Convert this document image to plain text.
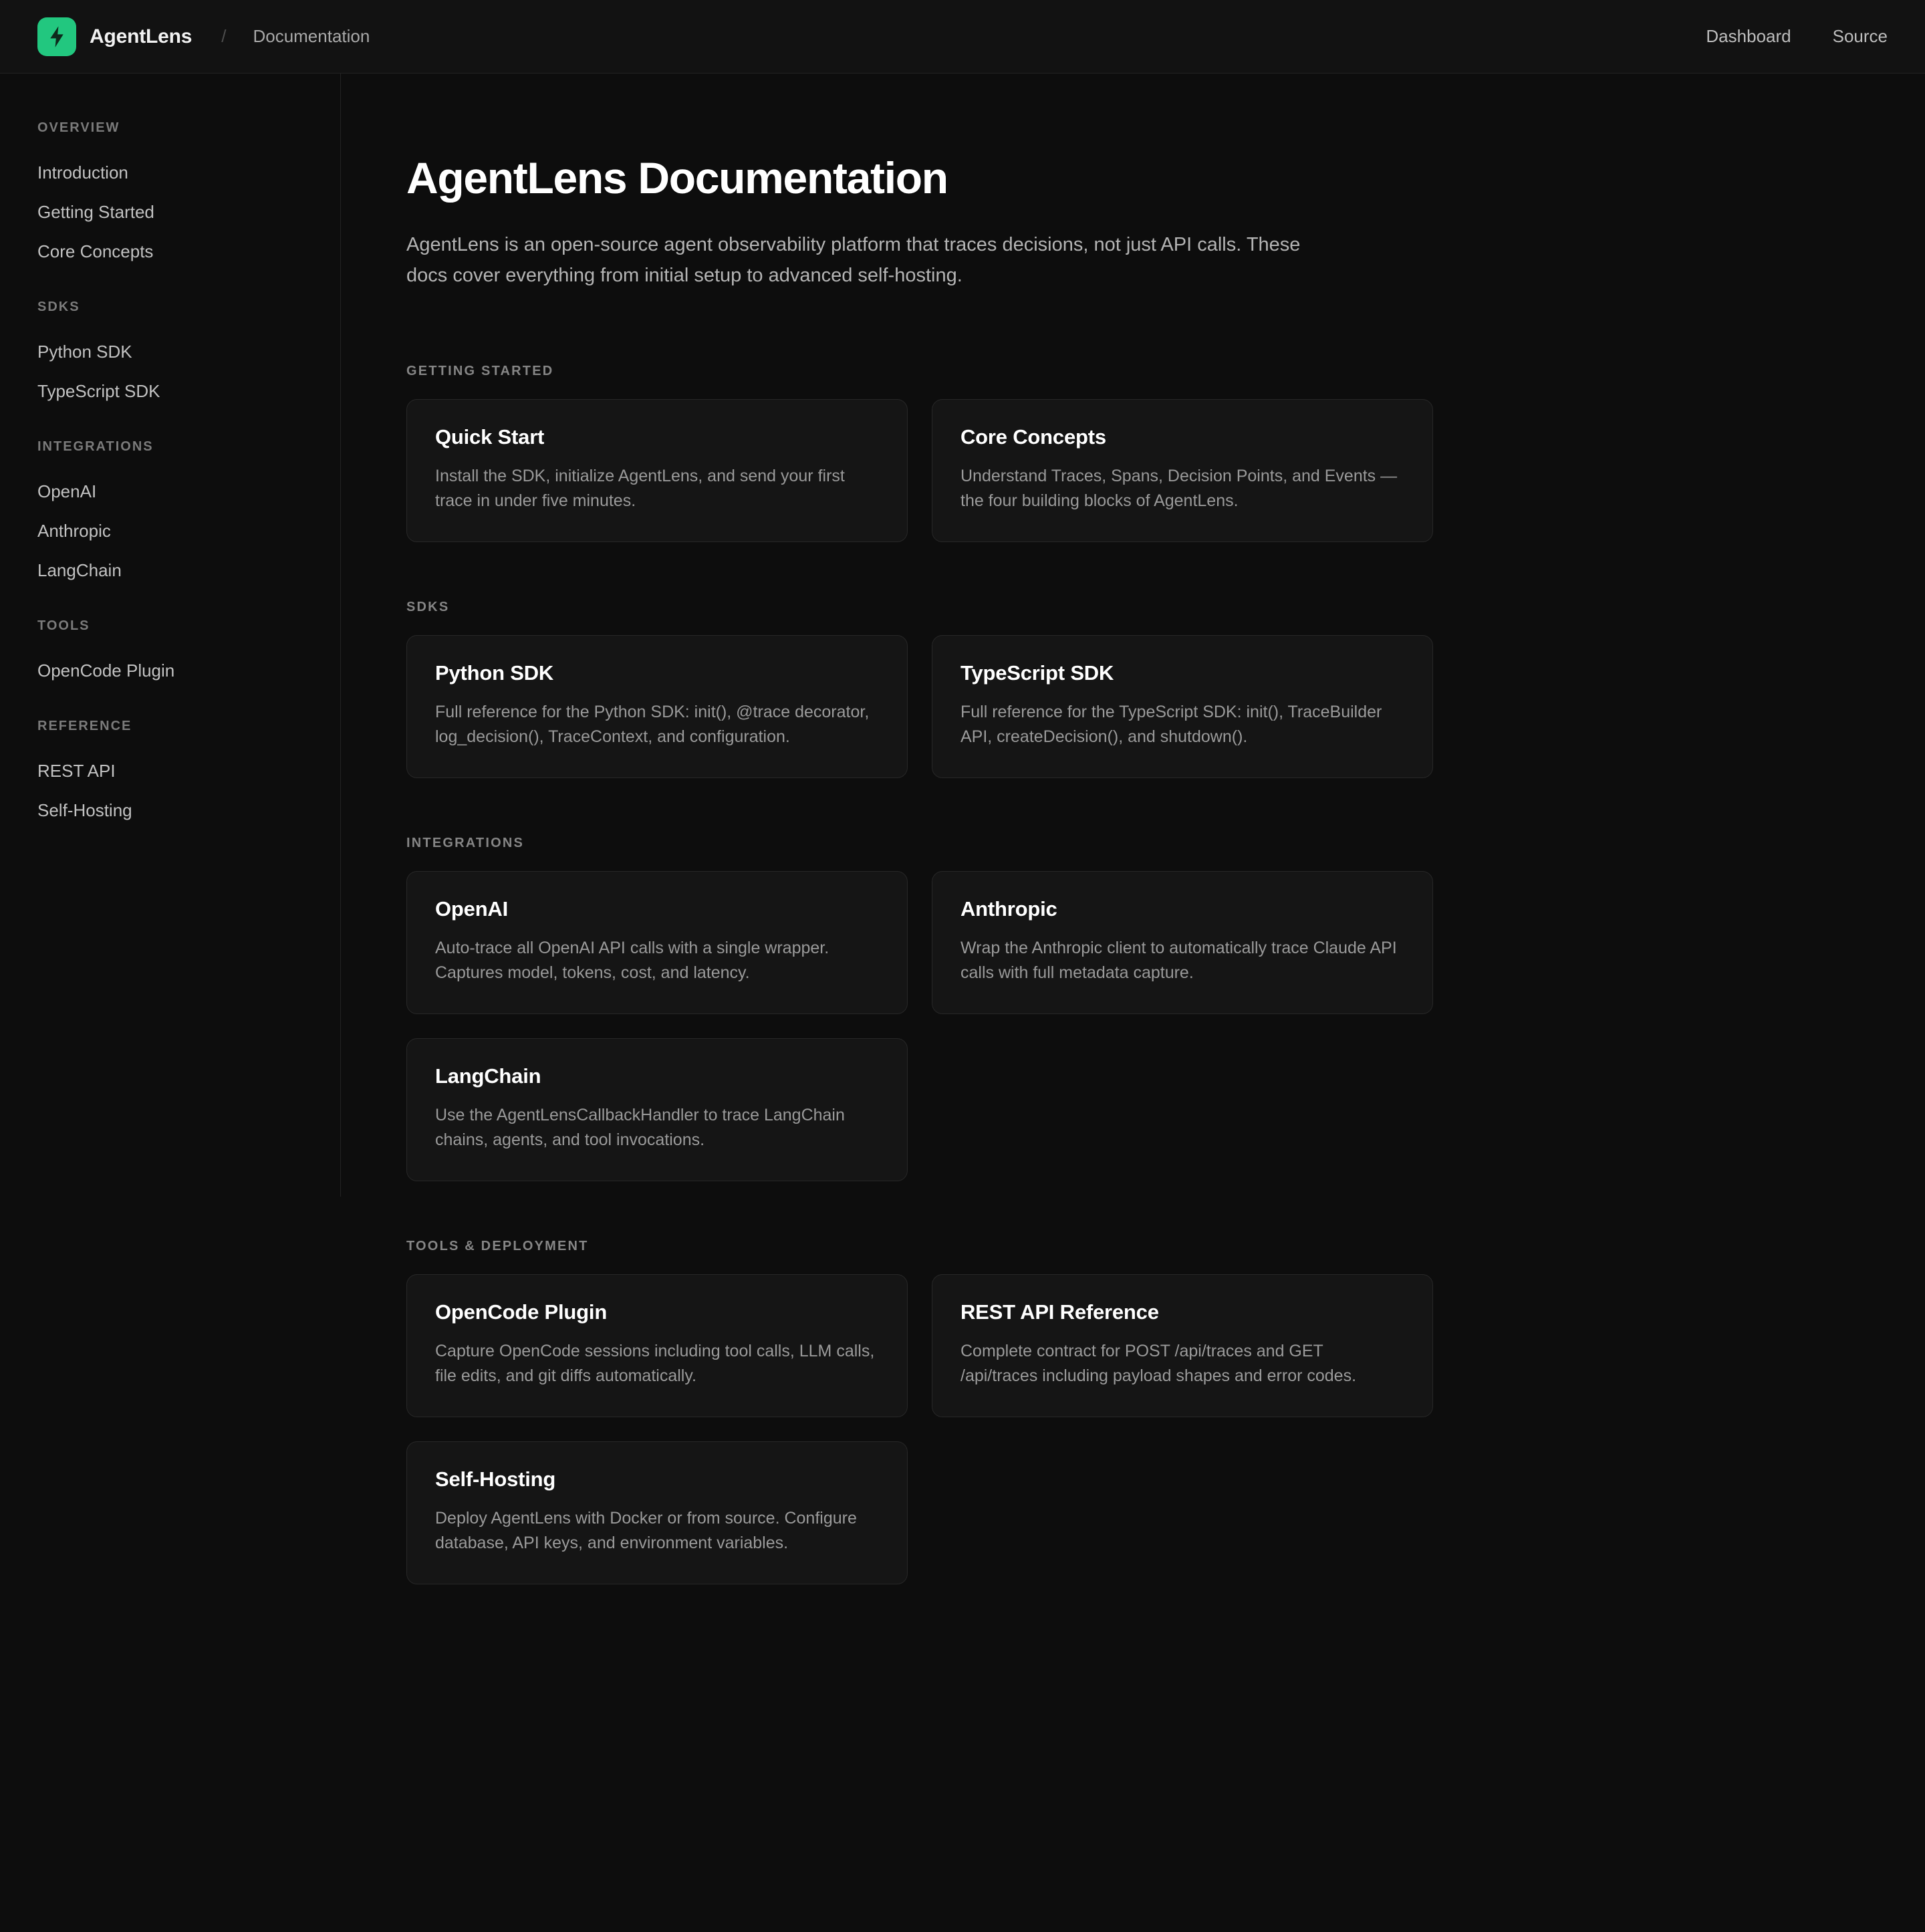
AgentLens / Documentation	Dashboard Source
OVERVIEW
Introduction
Getting Started
Core Concepts
SDKS
Python SDK
TypeScript SDK
INTEGRATIONS
OpenAI
Anthropic
LangChain
TOOLS
OpenCode Plugin
REFERENCE
REST API
Self-Hosting
AgentLens Documentation

AgentLens is an open-source agent observability platform that traces decisions, not just API calls. These docs cover everything from initial setup to advanced self-hosting.

GETTING STARTED
Quick Start

Install the SDK, initialize AgentLens, and send your first trace in under five minutes.

Core Concepts

Understand Traces, Spans, Decision Points, and Events — the four building blocks of AgentLens.

SDKS
Python SDK

Full reference for the Python SDK: init(), @trace decorator, log_decision(), TraceContext, and configuration.

TypeScript SDK

Full reference for the TypeScript SDK: init(), TraceBuilder API, createDecision(), and shutdown().

INTEGRATIONS
OpenAI

Auto-trace all OpenAI API calls with a single wrapper. Captures model, tokens, cost, and latency.

Anthropic

Wrap the Anthropic client to automatically trace Claude API calls with full metadata capture.

LangChain

Use the AgentLensCallbackHandler to trace LangChain chains, agents, and tool invocations.

TOOLS & DEPLOYMENT
OpenCode Plugin

Capture OpenCode sessions including tool calls, LLM calls, file edits, and git diffs automatically.

REST API Reference

Complete contract for POST /api/traces and GET /api/traces including payload shapes and error codes.

Self-Hosting

Deploy AgentLens with Docker or from source. Configure database, API keys, and environment variables.
